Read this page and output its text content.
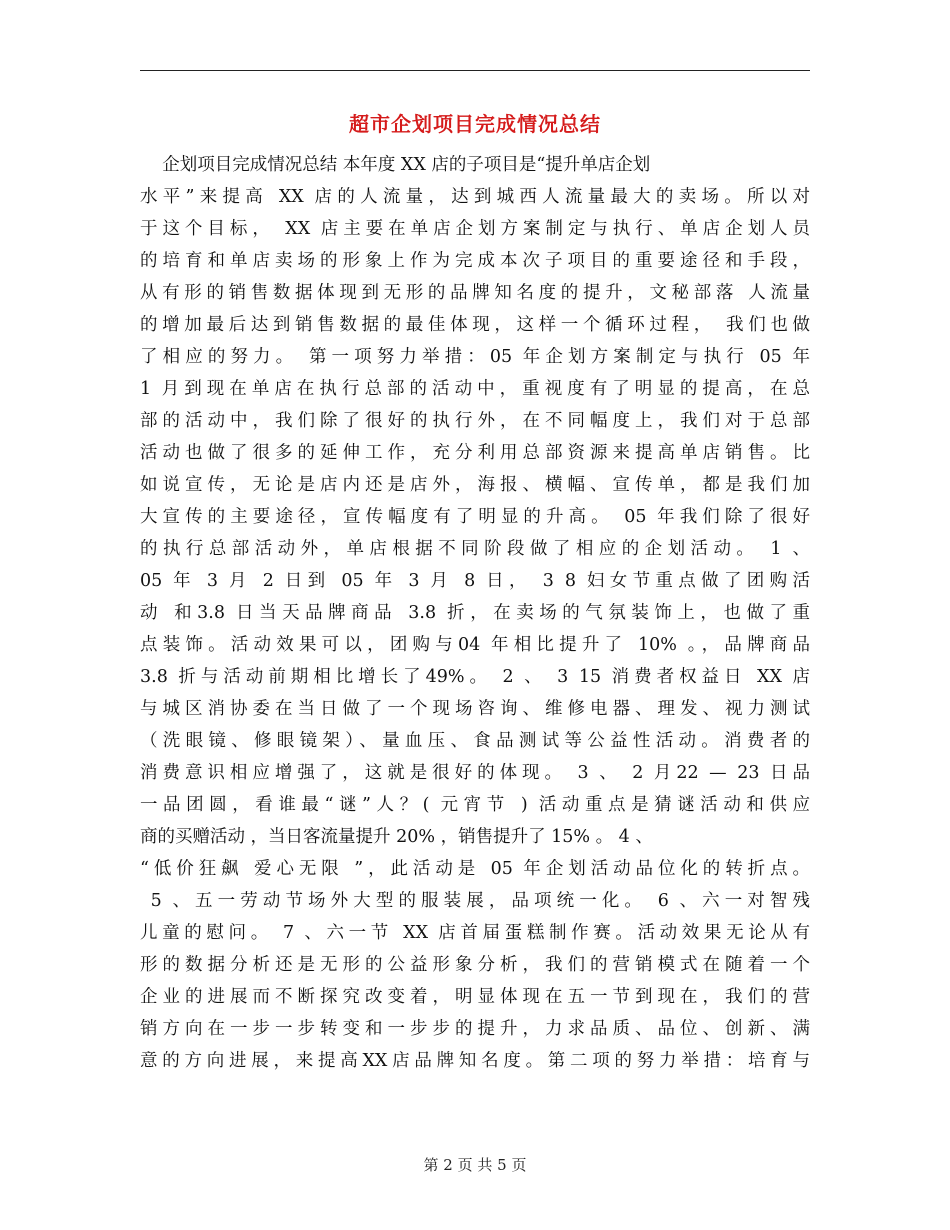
超市企划项目完成情况总结
企划项目完成情况总结 本年度 XX 店的子项目是“提升单店企划
水平”来提高 XX 店的人流量，达到城西人流量最大的卖场。所以对
于这个目标， XX 店主要在单店企划方案制定与执行、单店企划人员
的培育和单店卖场的形象上作为完成本次子项目的重要途径和手段，
从有形的销售数据体现到无形的品牌知名度的提升，文秘部落 人流量
的增加最后达到销售数据的最佳体现，这样一个循环过程， 我们也做
了相应的努力。 第一项努力举措：05 年企划方案制定与执行 05 年
1 月到现在单店在执行总部的活动中，重视度有了明显的提高，在总
部的活动中，我们除了很好的执行外，在不同幅度上，我们对于总部
活动也做了很多的延伸工作，充分利用总部资源来提高单店销售。比
如说宣传，无论是店内还是店外，海报、横幅、宣传单，都是我们加
大宣传的主要途径，宣传幅度有了明显的升高。 05 年我们除了很好
的执行总部活动外，单店根据不同阶段做了相应的企划活动。 1 、
05 年 3 月 2 日到 05 年 3 月 8 日， 3 8 妇女节重点做了团购活
动 和3.8 日当天品牌商品 3.8 折，在卖场的气氛装饰上，也做了重
点装饰。活动效果可以，团购与04 年相比提升了 10% 。，品牌商品
3.8 折与活动前期相比增长了49%。 2 、 3 15 消费者权益日 XX 店
与城区消协委在当日做了一个现场咨询、维修电器、理发、视力测试
（洗眼镜、修眼镜架）、量血压、食品测试等公益性活动。消费者的
消费意识相应增强了，这就是很好的体现。 3 、 2 月22 — 23 日品
一品团圆，看谁最“谜”人？( 元宵节 ) 活动重点是猜谜活动和供应
商的买赠活动 ，当日客流量提升 20% ，销售提升了 15% 。 4 、
“低价狂飙 爱心无限 ”，此活动是 05 年企划活动品位化的转折点。
5 、五一劳动节场外大型的服装展，品项统一化。 6 、六一对智残
儿童的慰问。 7 、六一节 XX 店首届蛋糕制作赛。活动效果无论从有
形的数据分析还是无形的公益形象分析，我们的营销模式在随着一个
企业的进展而不断探究改变着，明显体现在五一节到现在，我们的营
销方向在一步一步转变和一步步的提升，力求品质、品位、创新、满
意的方向进展，来提高XX店品牌知名度。第二项的努力举措：培育与
第 2 页 共 5 页
